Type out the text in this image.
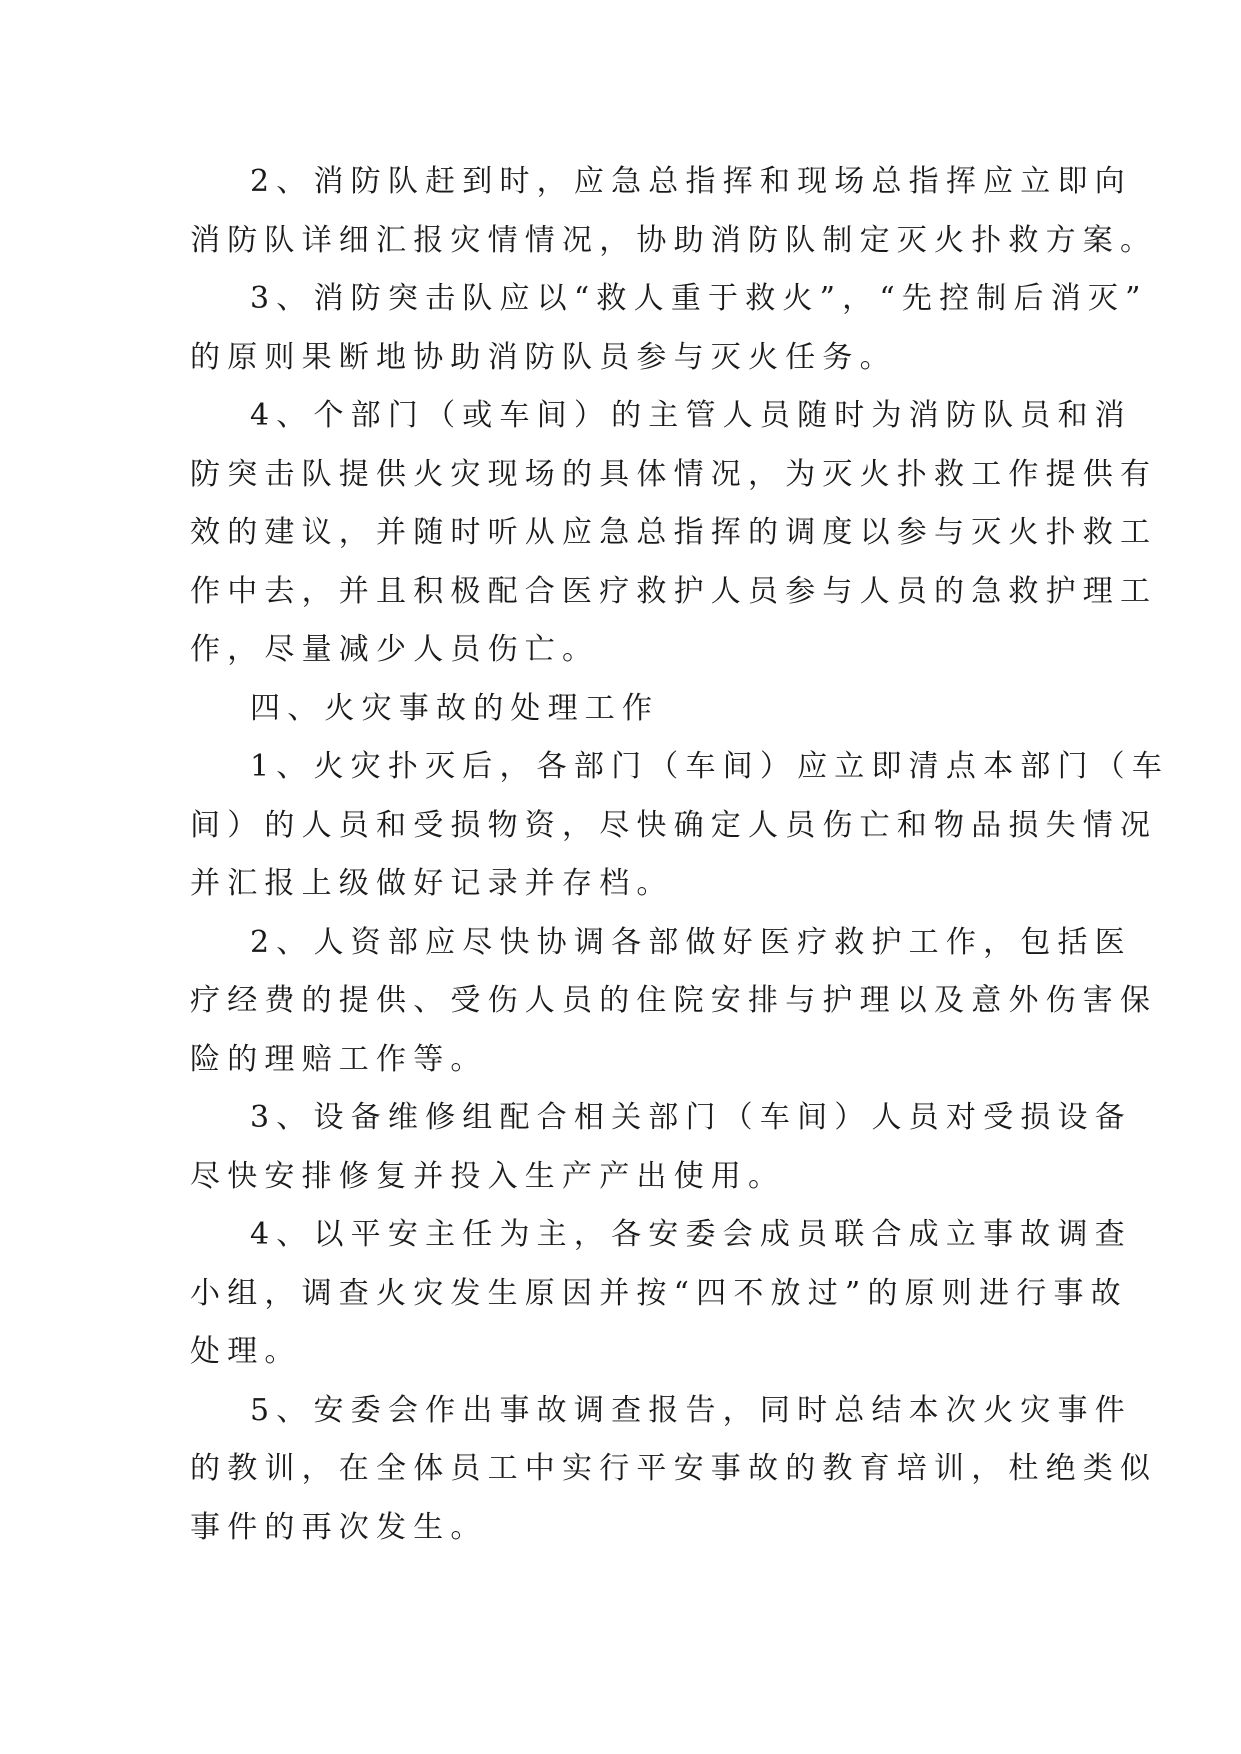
2、消防队赶到时，应急总指挥和现场总指挥应立即向
消防队详细汇报灾情情况，协助消防队制定灭火扑救方案。
3、消防突击队应以“救人重于救火”，“先控制后消灭”
的原则果断地协助消防队员参与灭火任务。
4、个部门（或车间）的主管人员随时为消防队员和消
防突击队提供火灾现场的具体情况，为灭火扑救工作提供有
效的建议，并随时听从应急总指挥的调度以参与灭火扑救工
作中去，并且积极配合医疗救护人员参与人员的急救护理工
作，尽量减少人员伤亡。
四、火灾事故的处理工作
1、火灾扑灭后，各部门（车间）应立即清点本部门（车
间）的人员和受损物资，尽快确定人员伤亡和物品损失情况
并汇报上级做好记录并存档。
2、人资部应尽快协调各部做好医疗救护工作，包括医
疗经费的提供、受伤人员的住院安排与护理以及意外伤害保
险的理赔工作等。
3、设备维修组配合相关部门（车间）人员对受损设备
尽快安排修复并投入生产产出使用。
4、以平安主任为主，各安委会成员联合成立事故调查
小组，调查火灾发生原因并按“四不放过”的原则进行事故
处理。
5、安委会作出事故调查报告，同时总结本次火灾事件
的教训，在全体员工中实行平安事故的教育培训，杜绝类似
事件的再次发生。
